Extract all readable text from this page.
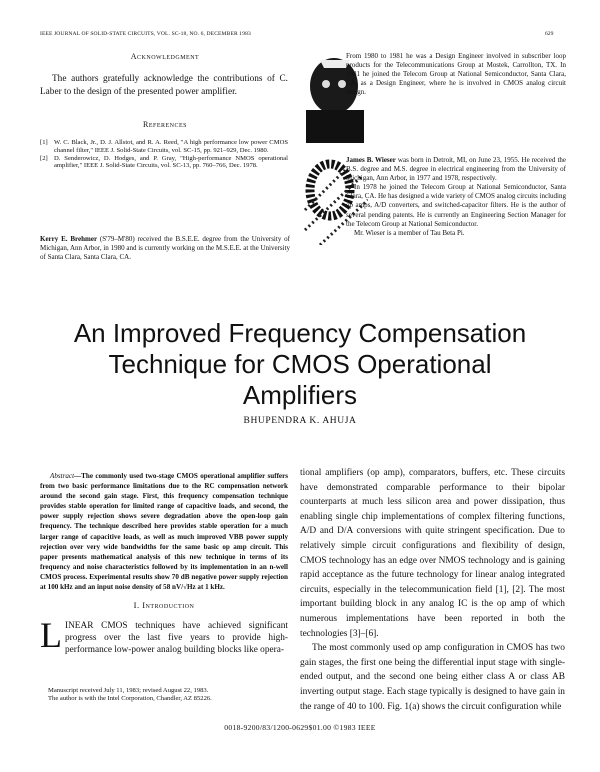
IEEE JOURNAL OF SOLID-STATE CIRCUITS, VOL. SC-18, NO. 6, DECEMBER 1983	629
Acknowledgment
The authors gratefully acknowledge the contributions of C. Laber to the design of the presented power amplifier.
References
[1] W. C. Black, Jr., D. J. Allstot, and R. A. Reed, "A high performance low power CMOS channel filter," IEEE J. Solid-State Circuits, vol. SC-15, pp. 921–929, Dec. 1980.
[2] D. Senderowicz, D. Hodges, and P. Gray, "High-performance NMOS operational amplifier," IEEE J. Solid-State Circuits, vol. SC-13, pp. 760–766, Dec. 1978.

Kerry E. Brehmer (S'79–M'80) received the B.S.E.E. degree from the University of Michigan, Ann Arbor, in 1980 and is currently working on the M.S.E.E. at the University of Santa Clara, Santa Clara, CA.

From 1980 to 1981 he was a Design Engineer involved in subscriber loop products for the Telecommunications Group at Mostek, Carrollton, TX. In 1981 he joined the Telecom Group at National Semiconductor, Santa Clara, CA, as a Design Engineer, where he is involved in CMOS analog circuit design.

James B. Wieser was born in Detroit, MI, on June 23, 1955. He received the B.S. degree and M.S. degree in electrical engineering from the University of Michigan, Ann Arbor, in 1977 and 1978, respectively.

In 1978 he joined the Telecom Group at National Semiconductor, Santa Clara, CA. He has designed a wide variety of CMOS analog circuits including op amps, A/D converters, and switched-capacitor filters. He is the author of several pending patents. He is currently an Engineering Section Manager for the Telecom Group at National Semiconductor.

Mr. Wieser is a member of Tau Beta Pi.

An Improved Frequency Compensation
Technique for CMOS Operational
Amplifiers
BHUPENDRA K. AHUJA
Abstract—The commonly used two-stage CMOS operational amplifier suffers from two basic performance limitations due to the RC compensation network around the second gain stage. First, this frequency compensation technique provides stable operation for limited range of capacitive loads, and second, the power supply rejection shows severe degradation above the open-loop gain frequency. The technique described here provides stable operation for a much larger range of capacitive loads, as well as much improved VBB power supply rejection over very wide bandwidths for the same basic op amp circuit. This paper presents mathematical analysis of this new technique in terms of its frequency and noise characteristics followed by its implementation in an n-well CMOS process. Experimental results show 70 dB negative power supply rejection at 100 kHz and an input noise density of 58 nV/√Hz at 1 kHz.
I. Introduction
LINEAR CMOS techniques have achieved significant progress over the last five years to provide high-performance low-power analog building blocks like opera-
Manuscript received July 11, 1983; revised August 22, 1983.
The author is with the Intel Corporation, Chandler, AZ 85226.

tional amplifiers (op amp), comparators, buffers, etc. These circuits have demonstrated comparable performance to their bipolar counterparts at much less silicon area and power dissipation, thus enabling single chip implementations of complex filtering functions, A/D and D/A conversions with quite stringent specification. Due to relatively simple circuit configurations and flexibility of design, CMOS technology has an edge over NMOS technology and is gaining rapid acceptance as the future technology for linear analog integrated circuits, especially in the telecommunication field [1], [2]. The most important building block in any analog IC is the op amp of which numerous implementations have been reported in both the technologies [3]–[6].

The most commonly used op amp configuration in CMOS has two gain stages, the first one being the differential input stage with single-ended output, and the second one being either class A or class AB inverting output stage. Each stage typically is designed to have gain in the range of 40 to 100. Fig. 1(a) shows the circuit configuration while

0018-9200/83/1200-0629$01.00 ©1983 IEEE
